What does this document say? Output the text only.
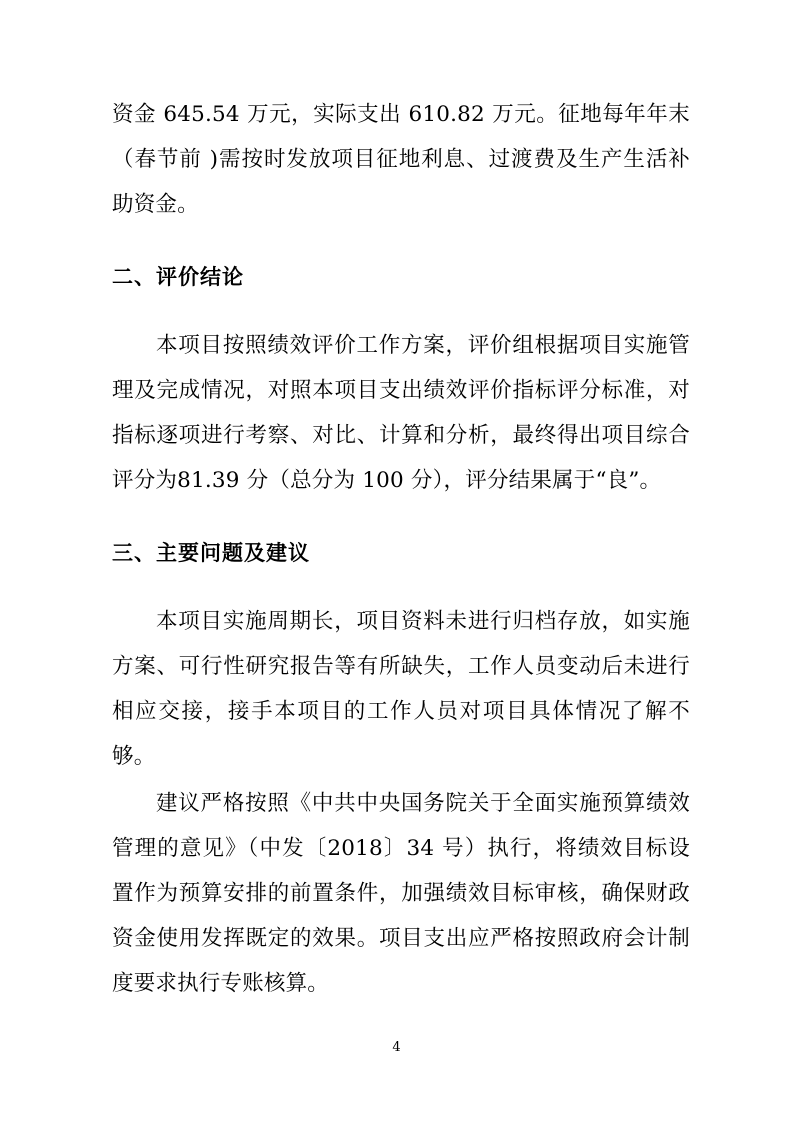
资金 645.54 万元，实际支出 610.82 万元。征地每年年末（春节前 )需按时发放项目征地利息、过渡费及生产生活补助资金。

二、评价结论

本项目按照绩效评价工作方案，评价组根据项目实施管理及完成情况，对照本项目支出绩效评价指标评分标准，对指标逐项进行考察、对比、计算和分析，最终得出项目综合评分为81.39 分（总分为 100 分），评分结果属于“良”。

三、主要问题及建议

本项目实施周期长，项目资料未进行归档存放，如实施方案、可行性研究报告等有所缺失，工作人员变动后未进行相应交接，接手本项目的工作人员对项目具体情况了解不够。

建议严格按照《中共中央国务院关于全面实施预算绩效管理的意见》（中发〔2018〕34 号）执行，将绩效目标设置作为预算安排的前置条件，加强绩效目标审核，确保财政资金使用发挥既定的效果。项目支出应严格按照政府会计制度要求执行专账核算。

4
